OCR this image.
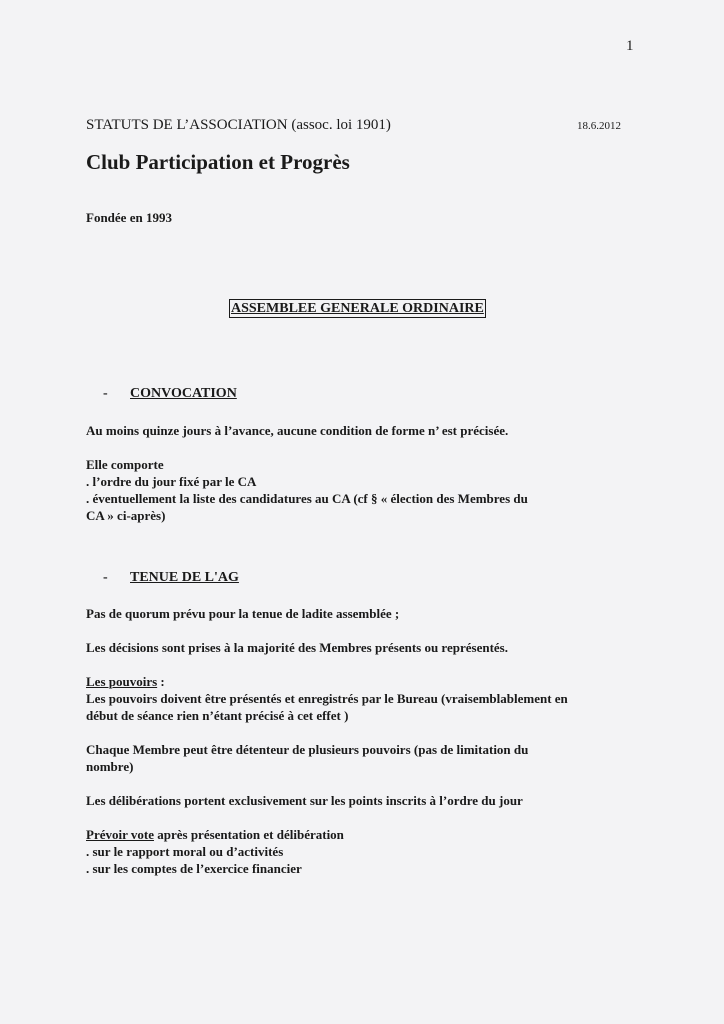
1
STATUTS DE L’ASSOCIATION (assoc. loi 1901)	18.6.2012
Club Participation et Progrès
Fondée en 1993
ASSEMBLEE GENERALE ORDINAIRE
- CONVOCATION
Au moins quinze jours à l’avance, aucune condition de forme n’ est précisée.
Elle comporte
. l’ordre du jour fixé par le CA
. éventuellement la liste des candidatures au CA (cf § « élection des Membres du
CA » ci-après)
- TENUE DE L'AG
Pas de quorum prévu pour la tenue de ladite assemblée ;
Les décisions sont prises à la majorité des Membres présents ou représentés.
Les pouvoirs :
Les pouvoirs doivent être présentés et enregistrés par le Bureau (vraisemblablement en
début de séance rien n’étant précisé à cet effet )
Chaque Membre peut être détenteur de plusieurs pouvoirs (pas de limitation du
nombre)
Les délibérations portent exclusivement sur les points inscrits à l’ordre du jour
Prévoir vote après présentation et délibération
. sur le rapport moral ou d’activités
. sur les comptes de l’exercice financier
